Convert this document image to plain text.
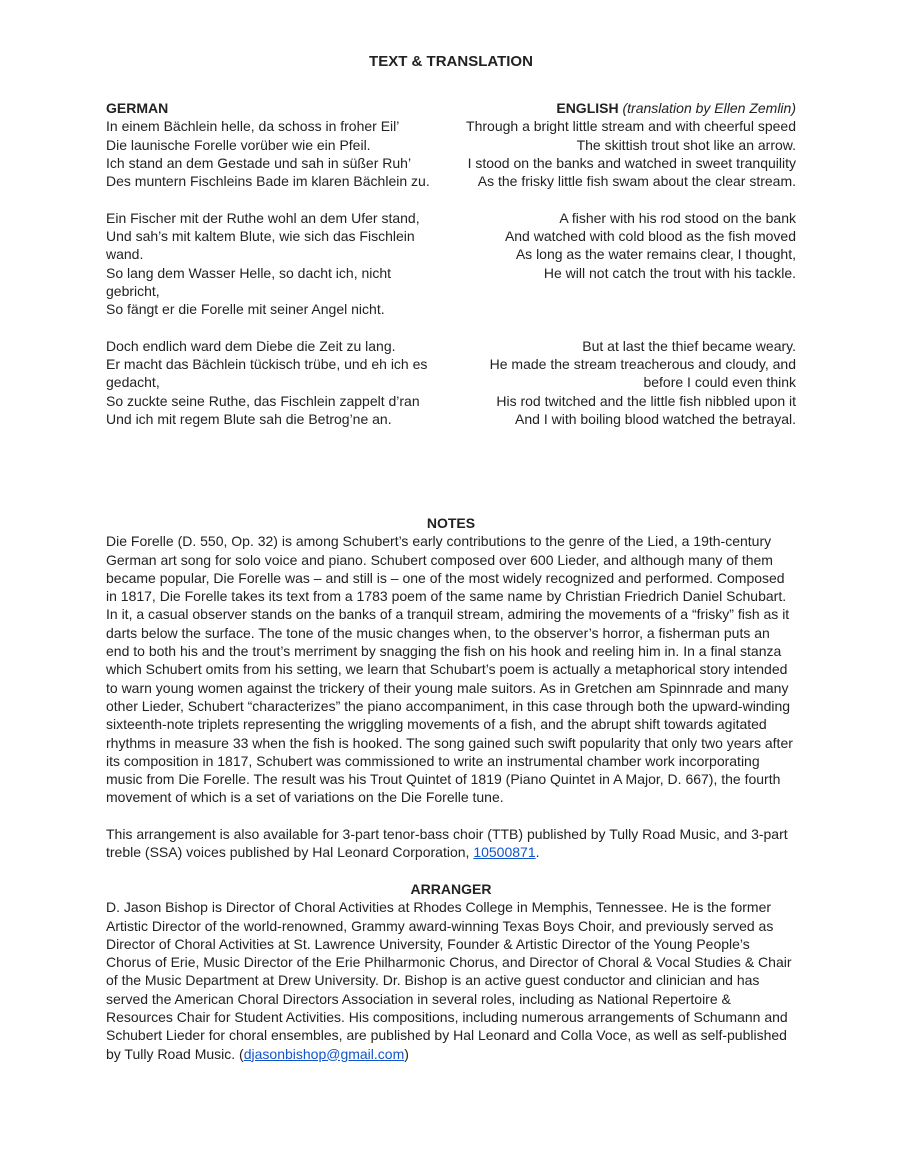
TEXT & TRANSLATION
GERMAN
In einem Bächlein helle, da schoss in froher Eil’
Die launische Forelle vorüber wie ein Pfeil.
Ich stand an dem Gestade und sah in süßer Ruh’
Des muntern Fischleins Bade im klaren Bächlein zu.
Ein Fischer mit der Ruthe wohl an dem Ufer stand,
Und sah’s mit kaltem Blute, wie sich das Fischlein
wand.
So lang dem Wasser Helle, so dacht ich, nicht
gebricht,
So fängt er die Forelle mit seiner Angel nicht.
Doch endlich ward dem Diebe die Zeit zu lang.
Er macht das Bächlein tückisch trübe, und eh ich es
gedacht,
So zuckte seine Ruthe, das Fischlein zappelt d’ran
Und ich mit regem Blute sah die Betrog’ne an.
ENGLISH (translation by Ellen Zemlin)
Through a bright little stream and with cheerful speed
The skittish trout shot like an arrow.
I stood on the banks and watched in sweet tranquility
As the frisky little fish swam about the clear stream.
A fisher with his rod stood on the bank
And watched with cold blood as the fish moved
As long as the water remains clear, I thought,
He will not catch the trout with his tackle.

But at last the thief became weary.
He made the stream treacherous and cloudy, and
before I could even think
His rod twitched and the little fish nibbled upon it
And I with boiling blood watched the betrayal.
NOTES
Die Forelle (D. 550, Op. 32) is among Schubert’s early contributions to the genre of the Lied, a 19th-century German art song for solo voice and piano. Schubert composed over 600 Lieder, and although many of them became popular, Die Forelle was – and still is – one of the most widely recognized and performed. Composed in 1817, Die Forelle takes its text from a 1783 poem of the same name by Christian Friedrich Daniel Schubart. In it, a casual observer stands on the banks of a tranquil stream, admiring the movements of a “frisky” fish as it darts below the surface. The tone of the music changes when, to the observer’s horror, a fisherman puts an end to both his and the trout’s merriment by snagging the fish on his hook and reeling him in. In a final stanza which Schubert omits from his setting, we learn that Schubart’s poem is actually a metaphorical story intended to warn young women against the trickery of their young male suitors. As in Gretchen am Spinnrade and many other Lieder, Schubert “characterizes” the piano accompaniment, in this case through both the upward-winding sixteenth-note triplets representing the wriggling movements of a fish, and the abrupt shift towards agitated rhythms in measure 33 when the fish is hooked. The song gained such swift popularity that only two years after its composition in 1817, Schubert was commissioned to write an instrumental chamber work incorporating music from Die Forelle. The result was his Trout Quintet of 1819 (Piano Quintet in A Major, D. 667), the fourth movement of which is a set of variations on the Die Forelle tune.
This arrangement is also available for 3-part tenor-bass choir (TTB) published by Tully Road Music, and 3-part treble (SSA) voices published by Hal Leonard Corporation, 10500871.
ARRANGER
D. Jason Bishop is Director of Choral Activities at Rhodes College in Memphis, Tennessee. He is the former Artistic Director of the world-renowned, Grammy award-winning Texas Boys Choir, and previously served as Director of Choral Activities at St. Lawrence University, Founder & Artistic Director of the Young People’s Chorus of Erie, Music Director of the Erie Philharmonic Chorus, and Director of Choral & Vocal Studies & Chair of the Music Department at Drew University. Dr. Bishop is an active guest conductor and clinician and has served the American Choral Directors Association in several roles, including as National Repertoire & Resources Chair for Student Activities. His compositions, including numerous arrangements of Schumann and Schubert Lieder for choral ensembles, are published by Hal Leonard and Colla Voce, as well as self-published by Tully Road Music. (djasonbishop@gmail.com)
